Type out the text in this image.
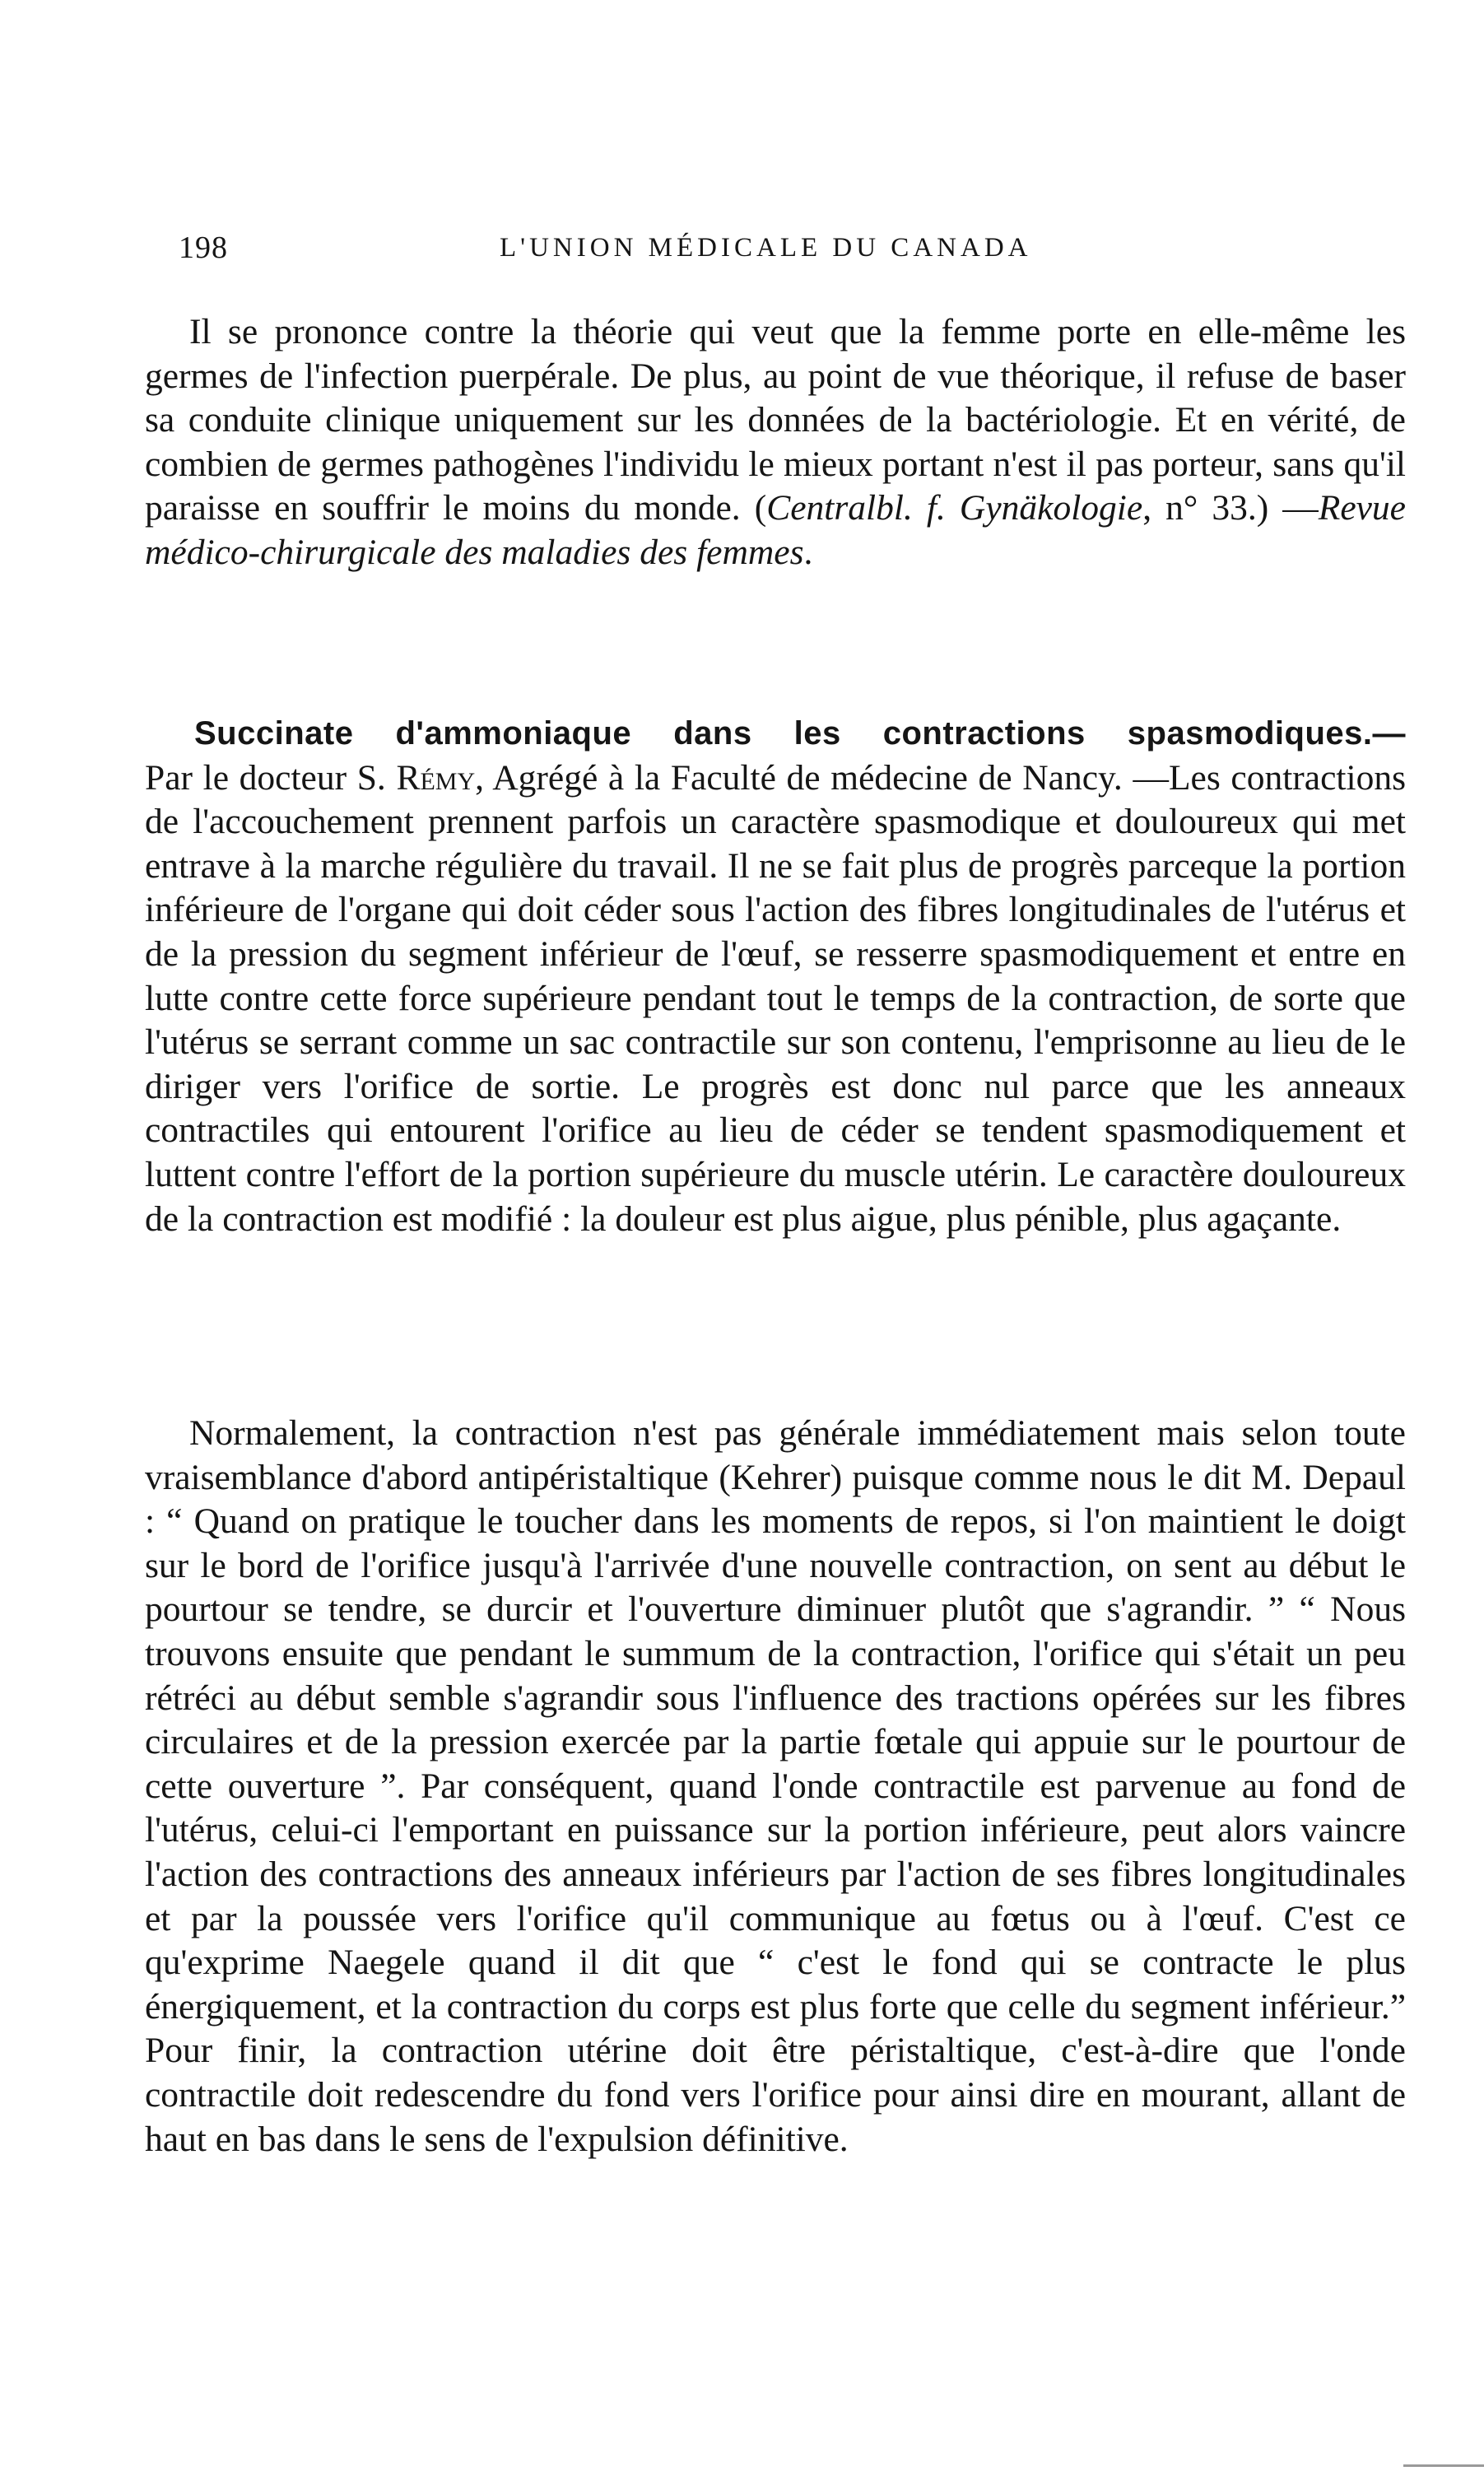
198	L'UNION MÉDICALE DU CANADA

Il se prononce contre la théorie qui veut que la femme porte en elle-même les germes de l'infection puerpérale. De plus, au point de vue théorique, il refuse de baser sa conduite clinique uniquement sur les données de la bactériologie. Et en vérité, de combien de germes pathogènes l'individu le mieux portant n'est il pas porteur, sans qu'il paraisse en souffrir le moins du monde. (Centralbl. f. Gynäkologie, n° 33.) —Revue médico-chirurgicale des maladies des femmes.

Succinate d'ammoniaque dans les contractions spasmodiques.—
Par le docteur S. Rémy, Agrégé à la Faculté de médecine de Nancy. —Les contractions de l'accouchement prennent parfois un caractère spasmodique et douloureux qui met entrave à la marche régulière du travail. Il ne se fait plus de progrès parceque la portion inférieure de l'organe qui doit céder sous l'action des fibres longitudinales de l'utérus et de la pression du segment inférieur de l'œuf, se resserre spasmodiquement et entre en lutte contre cette force supérieure pendant tout le temps de la contraction, de sorte que l'utérus se serrant comme un sac contractile sur son contenu, l'emprisonne au lieu de le diriger vers l'orifice de sortie. Le progrès est donc nul parce que les anneaux contractiles qui entourent l'orifice au lieu de céder se tendent spasmodiquement et luttent contre l'effort de la portion supérieure du muscle utérin. Le caractère douloureux de la contraction est modifié : la douleur est plus aigue, plus pénible, plus agaçante.

Normalement, la contraction n'est pas générale immédiatement mais selon toute vraisemblance d'abord antipéristaltique (Kehrer) puisque comme nous le dit M. Depaul : “ Quand on pratique le toucher dans les moments de repos, si l'on maintient le doigt sur le bord de l'orifice jusqu'à l'arrivée d'une nouvelle contraction, on sent au début le pourtour se tendre, se durcir et l'ouverture diminuer plutôt que s'agrandir. ” “ Nous trouvons ensuite que pendant le summum de la contraction, l'orifice qui s'était un peu rétréci au début semble s'agrandir sous l'influence des tractions opérées sur les fibres circulaires et de la pression exercée par la partie fœtale qui appuie sur le pourtour de cette ouverture ”. Par conséquent, quand l'onde contractile est parvenue au fond de l'utérus, celui-ci l'emportant en puissance sur la portion inférieure, peut alors vaincre l'action des contractions des anneaux inférieurs par l'action de ses fibres longitudinales et par la poussée vers l'orifice qu'il communique au fœtus ou à l'œuf. C'est ce qu'exprime Naegele quand il dit que “ c'est le fond qui se contracte le plus énergiquement, et la contraction du corps est plus forte que celle du segment inférieur.” Pour finir, la contraction utérine doit être péristaltique, c'est-à-dire que l'onde contractile doit redescendre du fond vers l'orifice pour ainsi dire en mourant, allant de haut en bas dans le sens de l'expulsion définitive.
